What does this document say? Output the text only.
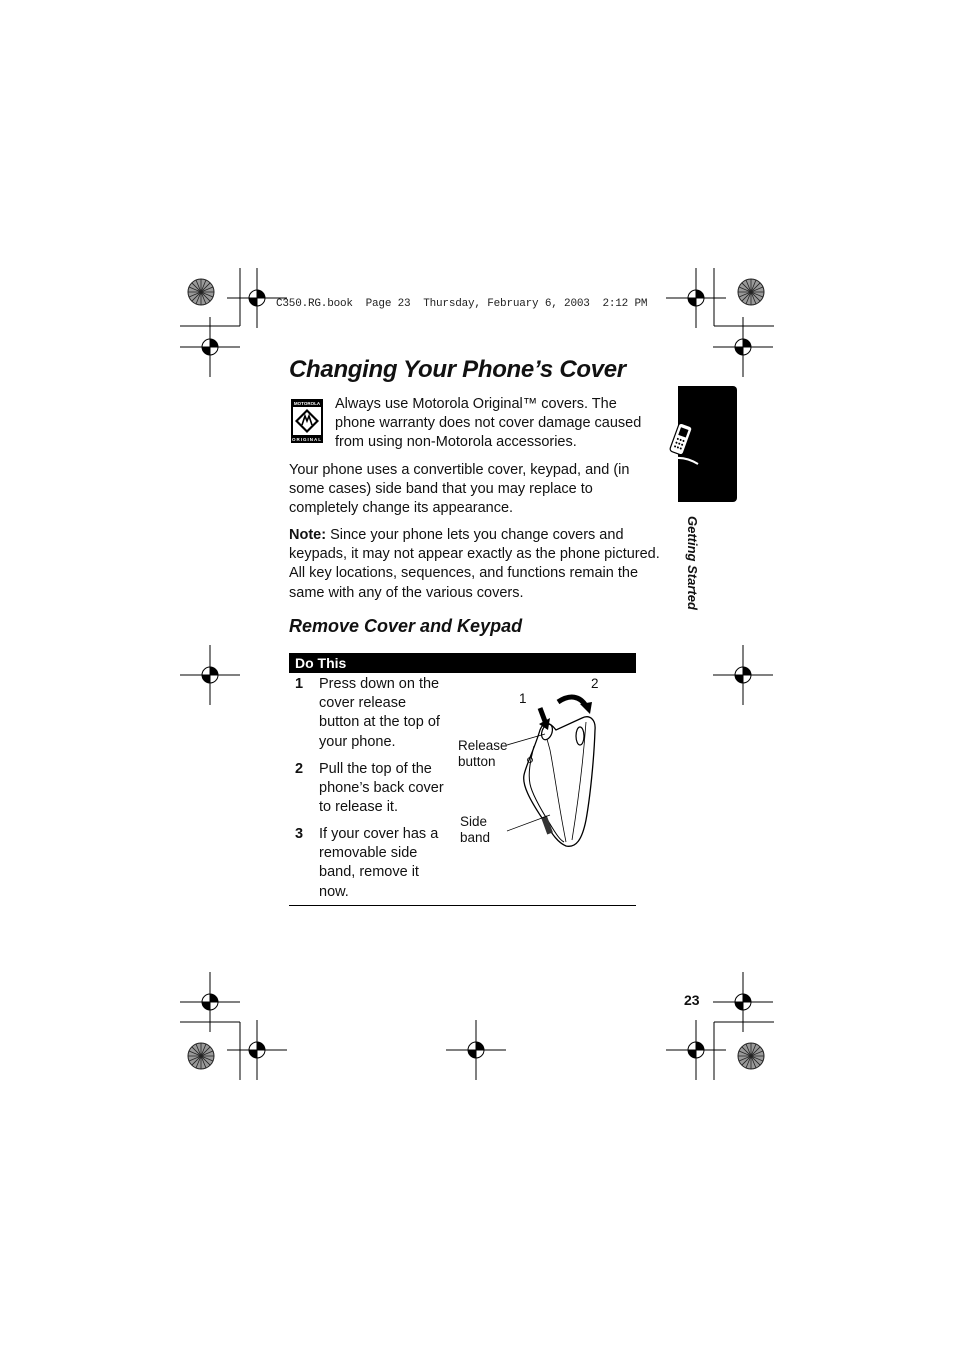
C350.RG.book  Page 23  Thursday, February 6, 2003  2:12 PM
Changing Your Phone’s Cover
MOTOROLA
ORIGINAL

Always use Motorola Original™ covers. The phone warranty does not cover damage caused from using non-Motorola accessories.

Your phone uses a convertible cover, keypad, and (in some cases) side band that you may replace to completely change its appearance.

Note: Since your phone lets you change covers and keypads, it may not appear exactly as the phone pictured. All key locations, sequences, and functions remain the same with any of the various covers.

Remove Cover and Keypad
Do This
1 Press down on the cover release button at the top of your phone.
2 Pull the top of the phone’s back cover to release it.
3 If your cover has a removable side band, remove it now.
1
2
Release button
Side band
Getting Started
23
